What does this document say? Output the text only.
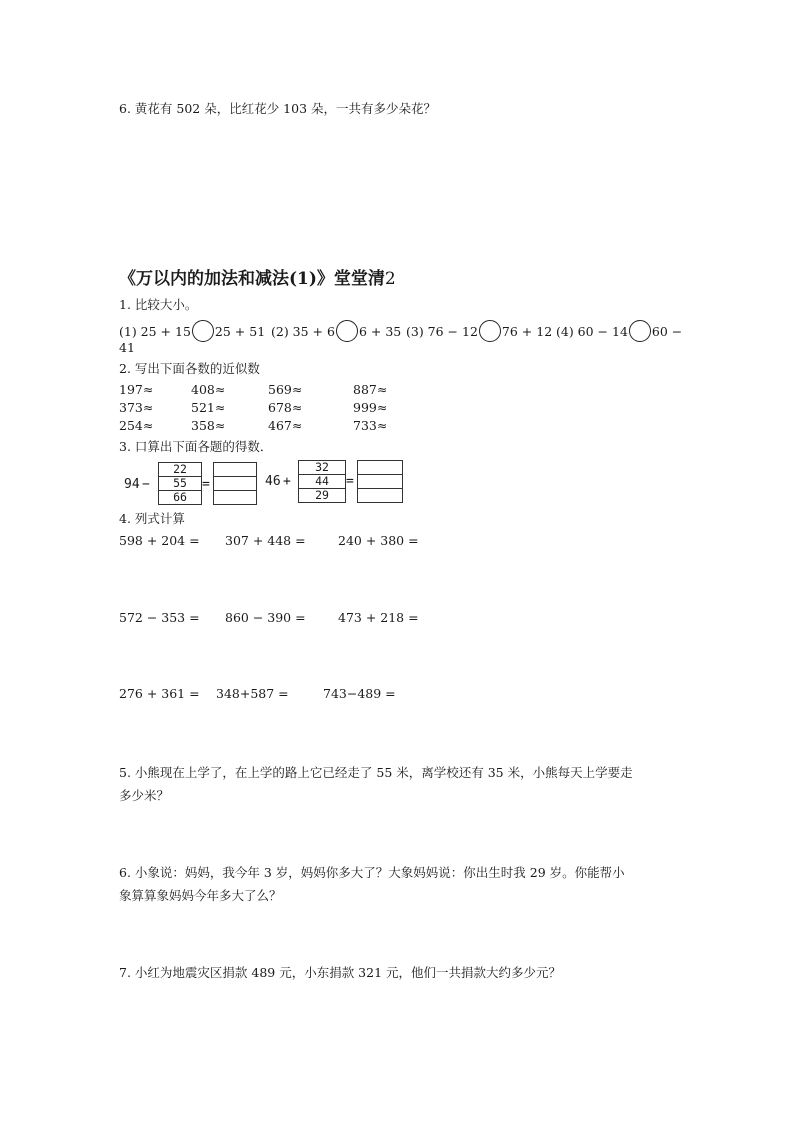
6. 黄花有 502 朵，比红花少 103 朵，一共有多少朵花？
《万以内的加法和减法(1)》堂堂清2
1. 比较大小。
(1) 25 + 15 25 + 51 (2) 35 + 6 6 + 35 (3) 76 − 12 76 + 12 (4) 60 − 14 60 −
41
2. 写出下面各数的近似数
197≈	408≈	569≈	887≈
373≈	521≈	678≈	999≈
254≈	358≈	467≈	733≈
3. 口算出下面各题的得数．
94 −
22
55
66
=	46 +
32
44
29
=
4. 列式计算
598 + 204 = 307 + 448 =	240 + 380 =
572 − 353 = 860 − 390 =	473 + 218 =
276 + 361 = 348+587 =	743−489 =
5. 小熊现在上学了，在上学的路上它已经走了 55 米，离学校还有 35 米，小熊每天上学要走
多少米？
6. 小象说：妈妈，我今年 3 岁，妈妈你多大了？大象妈妈说：你出生时我 29 岁。你能帮小
象算算象妈妈今年多大了么？
7. 小红为地震灾区捐款 489 元，小东捐款 321 元，他们一共捐款大约多少元？
